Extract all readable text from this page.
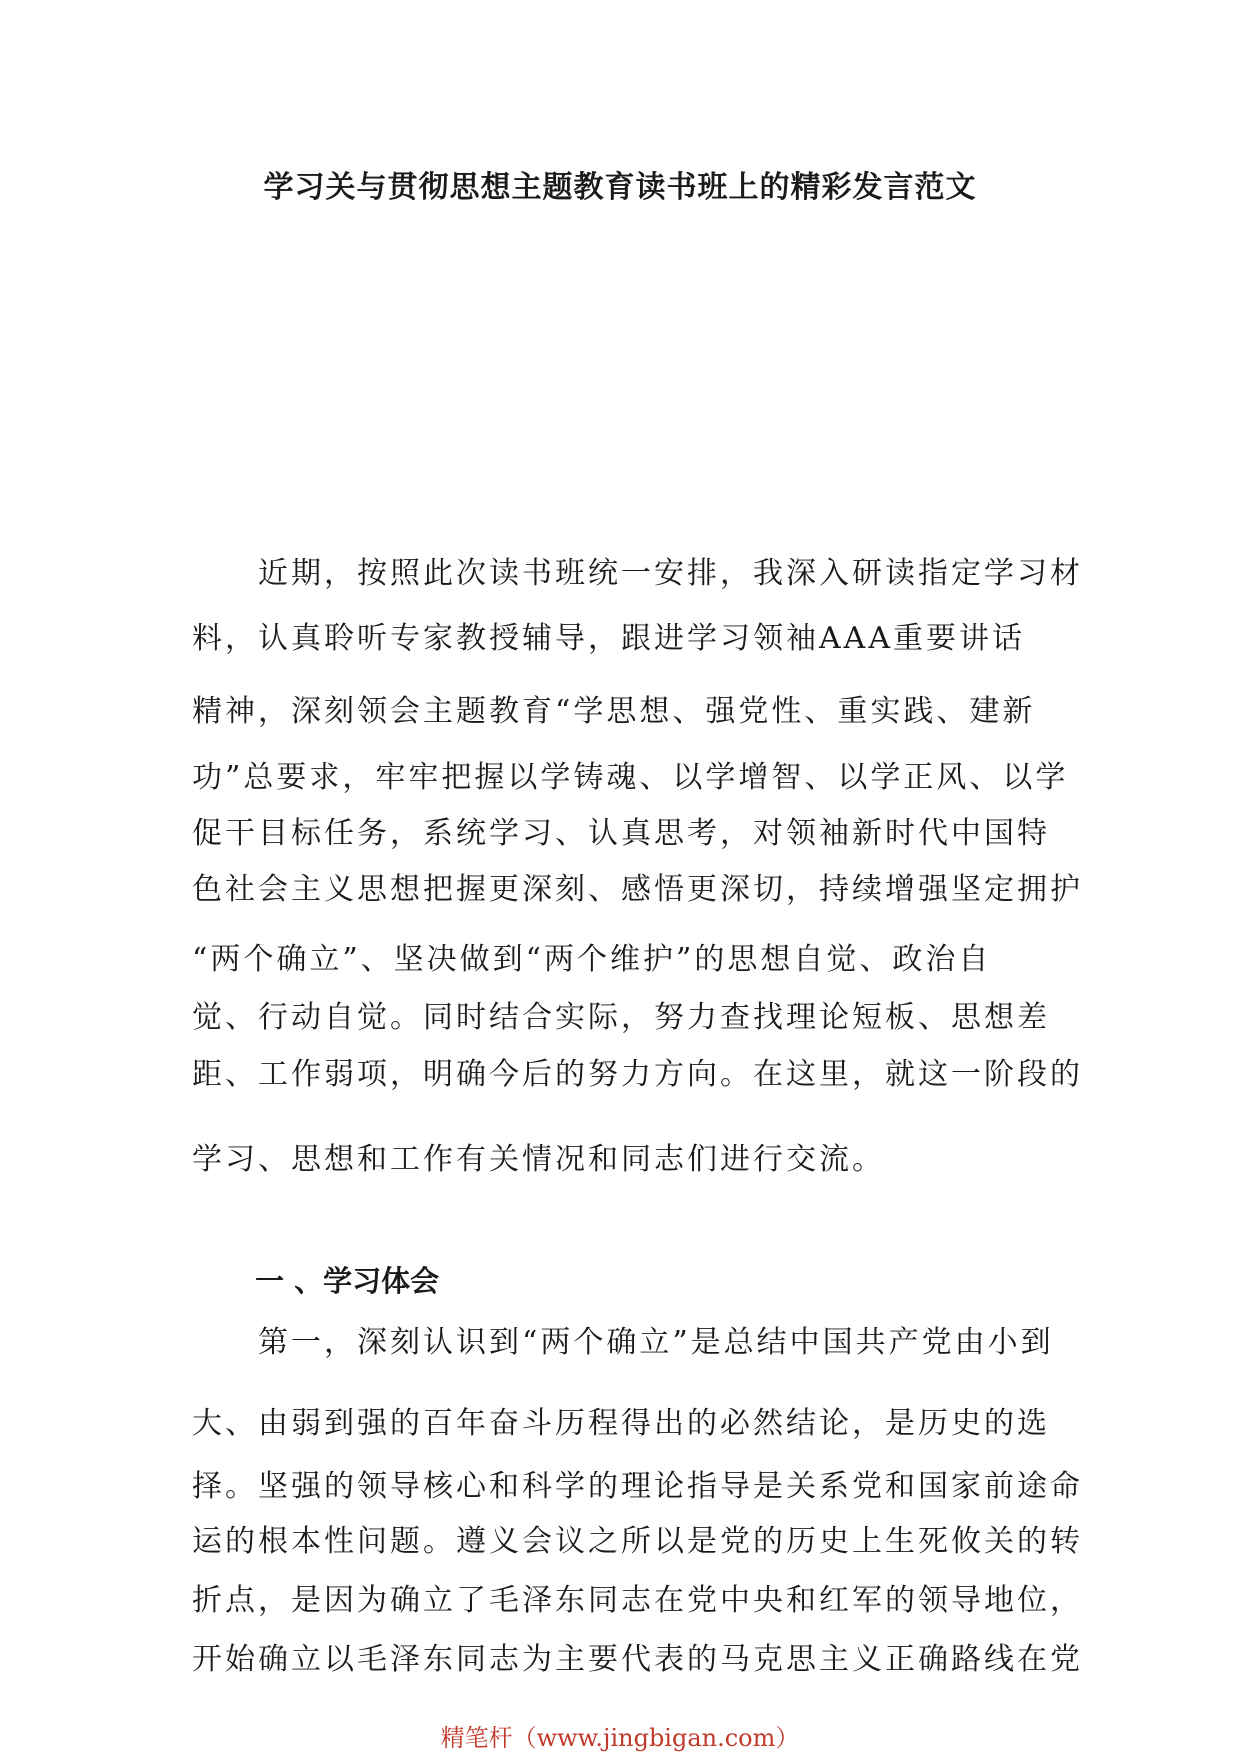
学习关与贯彻思想主题教育读书班上的精彩发言范文

　　近期，按照此次读书班统一安排，我深入研读指定学习材

料，认真聆听专家教授辅导，跟进学习领袖AAA重要讲话

精神，深刻领会主题教育“学思想、强党性、重实践、建新

功”总要求，牢牢把握以学铸魂、以学增智、以学正风、以学

促干目标任务，系统学习、认真思考，对领袖新时代中国特

色社会主义思想把握更深刻、感悟更深切，持续增强坚定拥护

“两个确立”、坚决做到“两个维护”的思想自觉、政治自

觉、行动自觉。同时结合实际，努力查找理论短板、思想差

距、工作弱项，明确今后的努力方向。在这里，就这一阶段的

学习、思想和工作有关情况和同志们进行交流。

一 、学习体会

　　第一，深刻认识到“两个确立”是总结中国共产党由小到

大、由弱到强的百年奋斗历程得出的必然结论，是历史的选

择。坚强的领导核心和科学的理论指导是关系党和国家前途命

运的根本性问题。遵义会议之所以是党的历史上生死攸关的转

折点，是因为确立了毛泽东同志在党中央和红军的领导地位，

开始确立以毛泽东同志为主要代表的马克思主义正确路线在党

精笔杆（www.jingbigan.com）
